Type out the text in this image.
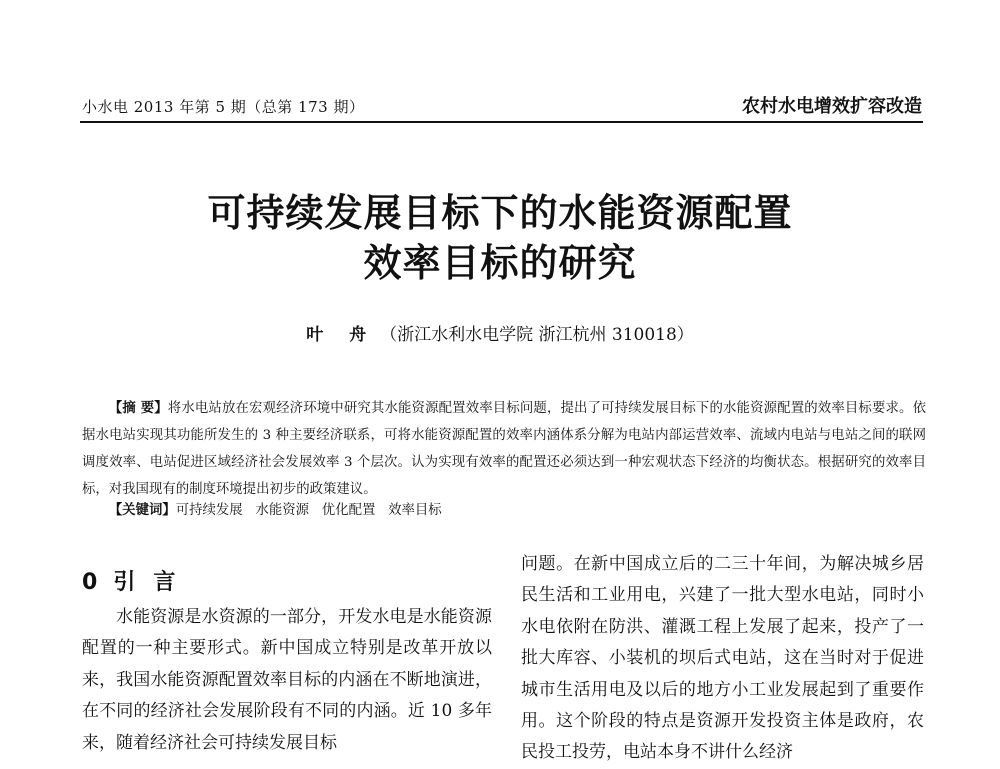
小水电 2013 年第 5 期（总第 173 期）	农村水电增效扩容改造
可持续发展目标下的水能资源配置
效率目标的研究
叶 舟 （浙江水利水电学院 浙江杭州 310018）
【摘 要】将水电站放在宏观经济环境中研究其水能资源配置效率目标问题，提出了可持续发展目标下的水能资源配置的效率目标要求。依据水电站实现其功能所发生的 3 种主要经济联系，可将水能资源配置的效率内涵体系分解为电站内部运营效率、流域内电站与电站之间的联网调度效率、电站促进区域经济社会发展效率 3 个层次。认为实现有效率的配置还必须达到一种宏观状态下经济的均衡状态。根据研究的效率目标，对我国现有的制度环境提出初步的政策建议。
【关键词】可持续发展   水能资源   优化配置   效率目标
0 引言
水能资源是水资源的一部分，开发水电是水能资源配置的一种主要形式。新中国成立特别是改革开放以来，我国水能资源配置效率目标的内涵在不断地演进，在不同的经济社会发展阶段有不同的内涵。近 10 多年来，随着经济社会可持续发展目标
问题。在新中国成立后的二三十年间，为解决城乡居民生活和工业用电，兴建了一批大型水电站，同时小水电依附在防洪、灌溉工程上发展了起来，投产了一批大库容、小装机的坝后式电站，这在当时对于促进城市生活用电及以后的地方小工业发展起到了重要作用。这个阶段的特点是资源开发投资主体是政府，农民投工投劳，电站本身不讲什么经济
